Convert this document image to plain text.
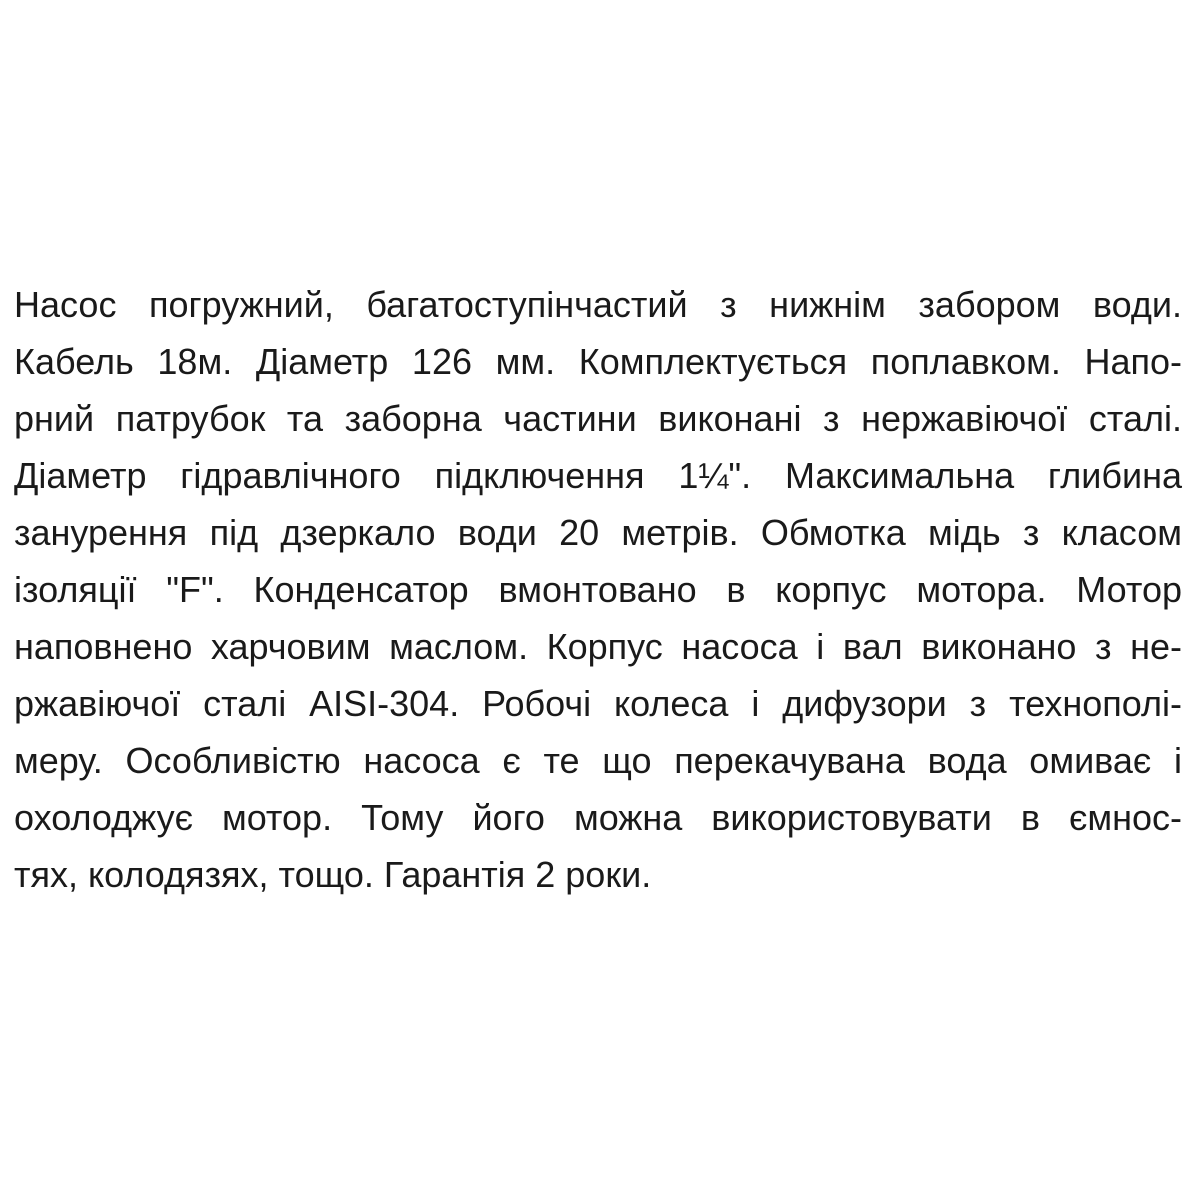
Насос погружний, багатоступінчастий з нижнім забором води.
Кабель 18м. Діаметр 126 мм. Комплектується поплавком. Напо-
рний патрубок та заборна частини виконані з нержавіючої сталі.
Діаметр гідравлічного підключення 1¼". Максимальна глибина
занурення під дзеркало води 20 метрів. Обмотка мідь з класом
ізоляції "F". Конденсатор вмонтовано в корпус мотора. Мотор
наповнено харчовим маслом. Корпус насоса і вал виконано з не-
ржавіючої сталі AISI-304. Робочі колеса і дифузори з технополі-
меру. Особливістю насоса є те що перекачувана вода омиває і
охолоджує мотор. Тому його можна використовувати в ємнос-
тях, колодязях, тощо. Гарантія 2 роки.
